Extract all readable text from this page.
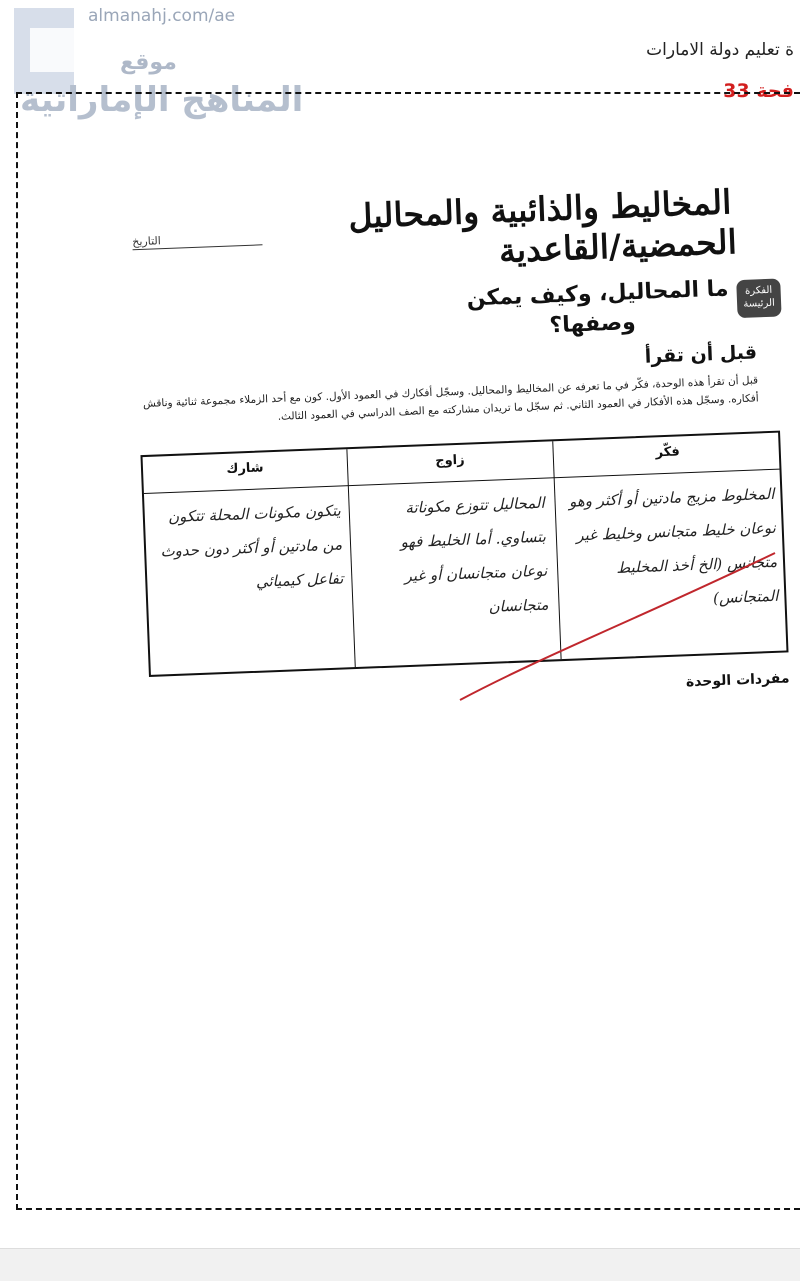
almanahj.com/ae
موقع
المناهج الإماراتية
ة تعليم دولة الامارات
فحة 33
المخاليط والذائبية والمحاليل
الحمضية/القاعدية
التاريخ
الفكرة الرئيسة
ما المحاليل، وكيف يمكن
وصفها؟
قبل أن تقرأ
قبل أن تقرأ هذه الوحدة، فكّر في ما تعرفه عن المخاليط والمحاليل. وسجّل أفكارك في العمود الأول. كون مع أحد الزملاء مجموعة ثنائية وناقش أفكاره. وسجّل هذه الأفكار في العمود الثاني. ثم سجّل ما تريدان مشاركته مع الصف الدراسي في العمود الثالث.
فكّر
زاوج
شارك
المخلوط مزيج مادتين أو أكثر وهو نوعان خليط متجانس وخليط غير متجانس (الخ أخذ المخليط المتجانس)
المحاليل تتوزع مكوناتة بتساوي. أما الخليط فهو نوعان متجانسان أو غير متجانسان
يتكون مكونات المحلة تتكون من مادتين أو أكثر دون حدوث تفاعل كيميائي
مفردات الوحدة
